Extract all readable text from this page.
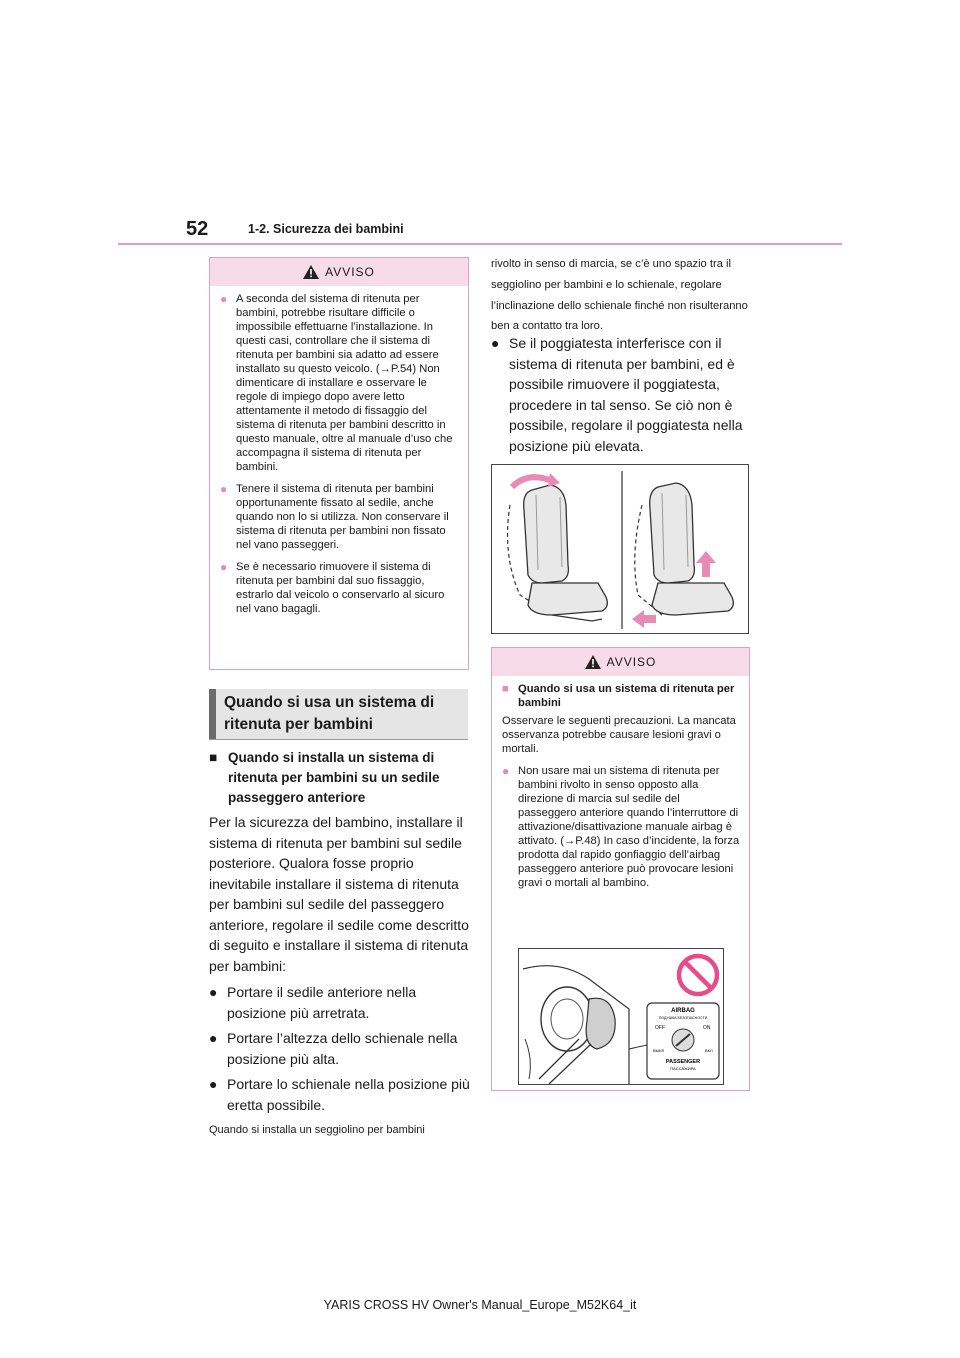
52	1-2. Sicurezza dei bambini
AVVISO
● A seconda del sistema di ritenuta per bambini, potrebbe risultare difficile o impossibile effettuarne l’installazione. In questi casi, controllare che il sistema di ritenuta per bambini sia adatto ad essere installato su questo veicolo. (→P.54) Non dimenticare di installare e osservare le regole di impiego dopo avere letto attentamente il metodo di fissaggio del sistema di ritenuta per bambini descritto in questo manuale, oltre al manuale d’uso che accompagna il sistema di ritenuta per bambini.
● Tenere il sistema di ritenuta per bambini opportunamente fissato al sedile, anche quando non lo si utilizza. Non conservare il sistema di ritenuta per bambini non fissato nel vano passeggeri.
● Se è necessario rimuovere il sistema di ritenuta per bambini dal suo fissaggio, estrarlo dal veicolo o conservarlo al sicuro nel vano bagagli.
Quando si usa un sistema di ritenuta per bambini
■ Quando si installa un sistema di ritenuta per bambini su un sedile passeggero anteriore
Per la sicurezza del bambino, installare il sistema di ritenuta per bambini sul sedile posteriore. Qualora fosse proprio inevitabile installare il sistema di ritenuta per bambini sul sedile del passeggero anteriore, regolare il sedile come descritto di seguito e installare il sistema di ritenuta per bambini:
● Portare il sedile anteriore nella posizione più arretrata.
● Portare l’altezza dello schienale nella posizione più alta.
● Portare lo schienale nella posizione più eretta possibile.
Quando si installa un seggiolino per bambini
rivolto in senso di marcia, se c’è uno spazio tra il seggiolino per bambini e lo schienale, regolare l’inclinazione dello schienale finché non risulteranno ben a contatto tra loro.
● Se il poggiatesta interferisce con il sistema di ritenuta per bambini, ed è possibile rimuovere il poggiatesta, procedere in tal senso. Se ciò non è possibile, regolare il poggiatesta nella posizione più elevata.
AVVISO
■ Quando si usa un sistema di ritenuta per bambini
Osservare le seguenti precauzioni. La mancata osservanza potrebbe causare lesioni gravi o mortali.
● Non usare mai un sistema di ritenuta per bambini rivolto in senso opposto alla direzione di marcia sul sedile del passeggero anteriore quando l’interruttore di attivazione/disattivazione manuale airbag è attivato. (→P.48) In caso d’incidente, la forza prodotta dal rapido gonfiaggio dell’airbag passeggero anteriore può provocare lesioni gravi o mortali al bambino.
AIRBAG
ПОДУШКА БЕЗОПАСНОСТИ
OFF	ON
ВЫКЛ	ВКЛ
PASSENGER
ПАССАЖИРА
YARIS CROSS HV Owner's Manual_Europe_M52K64_it
